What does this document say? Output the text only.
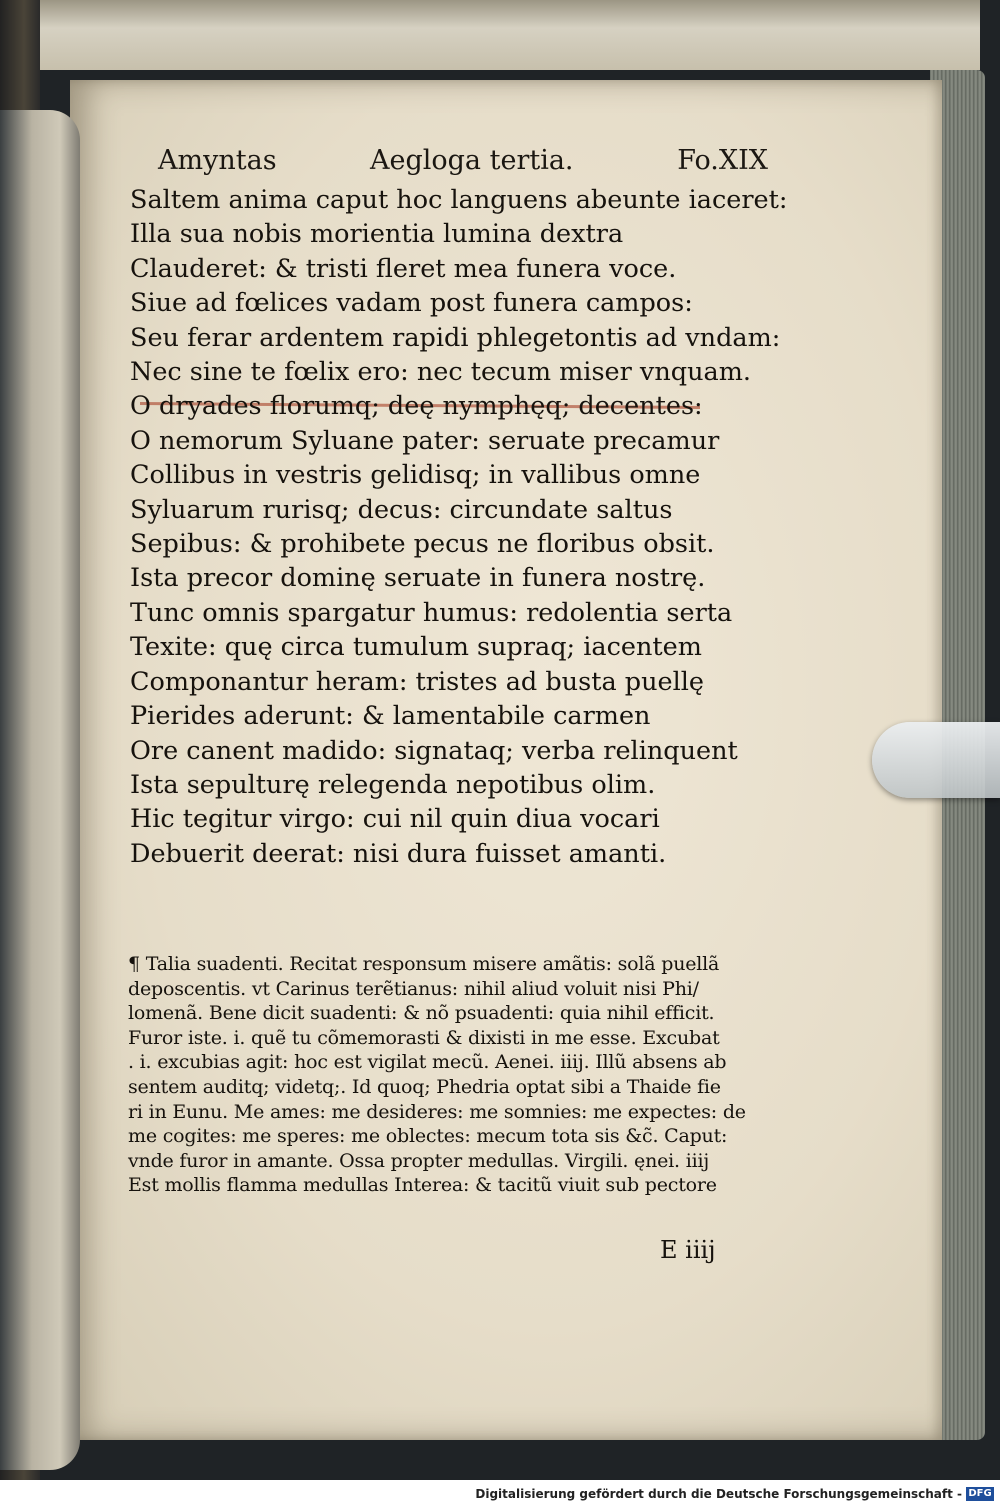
Amyntas	Aegloga tertia.	Fo.XIX
Saltem anima caput hoc languens abeunte iaceret:
Illa sua nobis morientia lumina dextra
Clauderet: & tristi fleret mea funera voce.
Siue ad fœlices vadam post funera campos:
Seu ferar ardentem rapidi phlegetontis ad vndam:
Nec sine te fœlix ero: nec tecum miser vnquam.
O dryades florumq; deę nymphęq; decentes:
O nemorum Syluane pater: seruate precamur
Collibus in vestris gelidisq; in vallibus omne
Syluarum rurisq; decus: circundate saltus
Sepibus: & prohibete pecus ne floribus obsit.
Ista precor dominę seruate in funera nostrę.
Tunc omnis spargatur humus: redolentia serta
Texite: quę circa tumulum supraq; iacentem
Componantur heram: tristes ad busta puellę
Pierides aderunt: & lamentabile carmen
Ore canent madido: signataq; verba relinquent
Ista sepulturę relegenda nepotibus olim.
Hic tegitur virgo: cui nil quin diua vocari
Debuerit deerat: nisi dura fuisset amanti.
¶ Talia suadenti. Recitat responsum misere amãtis: solã puellã
deposcentis. vt Carinus terẽtianus: nihil aliud voluit nisi Phi/
lomenã. Bene dicit suadenti: & nõ psuadenti: quia nihil efficit.
Furor iste. i. quẽ tu cõmemorasti & dixisti in me esse. Excubat
. i. excubias agit: hoc est vigilat mecũ. Aenei. iiij. Illũ absens ab
sentem auditq; videtq;. Id quoq; Phedria optat sibi a Thaide fie
ri in Eunu. Me ames: me desideres: me somnies: me expectes: de
me cogites: me speres: me oblectes: mecum tota sis &c̃. Caput:
vnde furor in amante. Ossa propter medullas. Virgili. ęnei. iiij
Est mollis flamma medullas Interea: & tacitũ viuit sub pectore
E iiij
Digitalisierung gefördert durch die Deutsche Forschungsgemeinschaft - DFG
